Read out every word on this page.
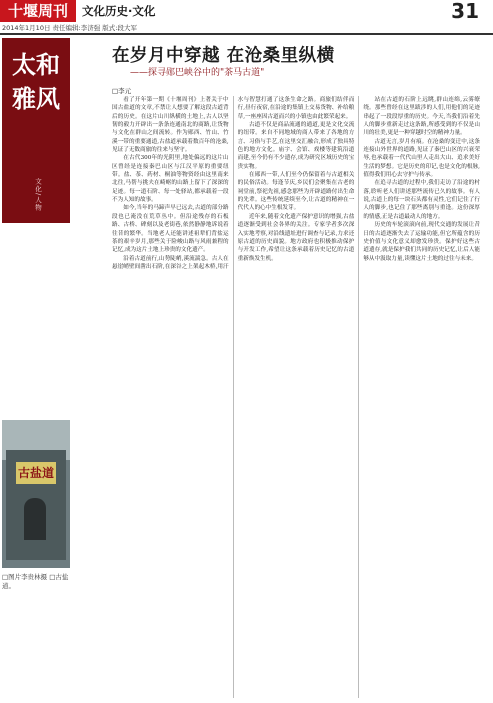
十堰周刊	文化历史·文化	31
2014年1月10日 责任编辑:李济强 版式:段大军
太和雅风
文化/人物
古盐道
□图片李贵林摄 □古盐道。
在岁月中穿越 在沧桑里纵横
——探寻郧巴峡谷中的"茶马古道"
□李元

看了开年第一期《十堰周刊》上著关于中国古盐道的文章,不禁让人想要了解这段古道背后的历史。在这片山川纵横的土地上,古人以坚韧的毅力开辟出一条条连通南北的商路,让货物与文化在群山之间流转。作为郧西、竹山、竹溪一带的重要通道,古盐道承载着数百年的沧桑,见证了无数商旅的往来与坚守。

在古代300年的光阴里,地处偏远的这片山区曾经是连接秦巴山区与江汉平原的重要纽带。盐、茶、药材、桐油等物资经由这里南来北往,马帮与挑夫在崎岖的山路上留下了深深的足迹。每一道石阶、每一处驿站,都承载着一段不为人知的故事。

如今,当年的马蹄声早已远去,古道的部分路段也已淹没在荒草丛中。但沿途残存的石板路、古桥、碑刻以及老街巷,依然静静地诉说着往昔的繁华。当地老人还能讲述祖辈们背盐运茶的艰辛岁月,那些关于险峻山路与风雨兼程的记忆,成为这片土地上珍贵的文化遗产。

沿着古道前行,山势陡峭,溪流湍急。古人在悬崖峭壁间凿出石阶,在深谷之上架起木桥,用汗水与智慧打通了这条生命之路。商旅们结伴而行,昼行夜宿,在沿途的集镇上交易货物、补给粮草,一座座因古道而兴的小镇也由此繁荣起来。

古道不仅是商品流通的通道,更是文化交流的纽带。来自不同地域的商人带来了各地的方言、习俗与手艺,在这里交汇融合,形成了独具特色的地方文化。庙宇、会馆、戏楼等建筑沿道而建,至今仍有不少遗存,成为研究区域历史的宝贵实物。

在郧西一带,人们至今仍保留着与古道相关的民俗活动。每逢节庆,乡民们会聚集在古老的祠堂前,祭祀先祖,感念那些为开辟道路付出生命的先辈。这些传统延续至今,让古道的精神在一代代人的心中生根发芽。

近年来,随着文化遗产保护意识的增强,古盐道逐渐受到社会各界的关注。专家学者多次深入实地考察,对沿线遗址进行调查与记录,力求还原古道的历史面貌。地方政府也积极推动保护与开发工作,希望让这条承载着历史记忆的古道重新焕发生机。

站在古道的石阶上远眺,群山连绵,云雾缭绕。那些曾经在这里跋涉的人们,用他们的足迹串起了一段段厚重的历史。今天,当我们沿着先人的脚步重新走过这条路,所感受到的不仅是山川的壮美,更是一种穿越时空的精神力量。

古道无言,岁月有痕。在沧桑的变迁中,这条连接山外世界的道路,见证了秦巴山区的兴衰荣辱,也承载着一代代山里人走出大山、追求美好生活的梦想。它是历史的印记,也是文化的根脉,值得我们用心去守护与传承。

在追寻古道的过程中,我们走访了沿途的村落,聆听老人们讲述那些流传已久的故事。有人说,古道上的每一块石头都有灵性,它们记住了行人的脚步,也记住了那些离别与重逢。这份深厚的情感,正是古道最动人的地方。

历史的车轮滚滚向前,现代交通的发展让昔日的古道逐渐失去了运输功能,但它所蕴含的历史价值与文化意义却愈发珍贵。保护好这些古道遗存,就是保护我们共同的历史记忆,让后人能够从中汲取力量,读懂这片土地的过往与未来。
